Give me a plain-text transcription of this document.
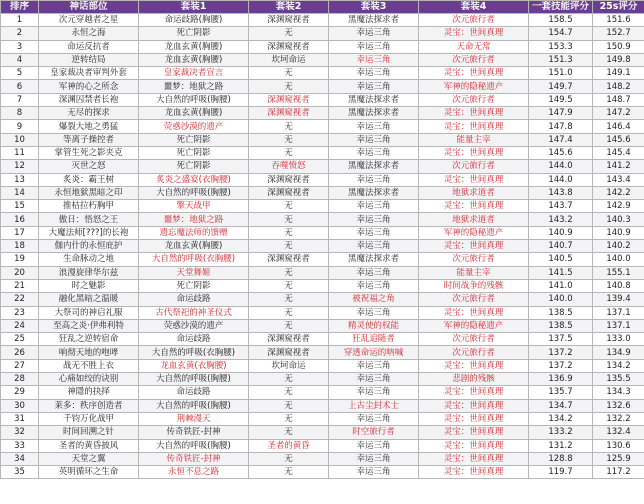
排序	神话部位	套装1	套装2	套装3	套装4	一套技能评分	25s评分
1	次元穿越者之星	命运歧路(胸腰)	深渊窥视者	黑魔法探求者	次元旅行者	158.5	151.6
2	永恒之海	死亡阴影	无	幸运三角	灵宝：世间真理	154.7	152.7
3	命运反抗者	龙血玄黄(胸腰)	深渊窥视者	幸运三角	天命无常	153.3	150.9
4	逆转结局	龙血玄黄(胸腰)	坎坷命运	幸运三角	次元旅行者	151.3	149.8
5	皇家裁决者审判外套	皇家裁决者宣言	无	幸运三角	灵宝：世间真理	151.0	149.1
6	军神的心之所念	噩梦：地狱之路	无	幸运三角	军神的隐秘遗产	149.7	148.2
7	深渊囚禁者长袍	大自然的呼吸(胸腰)	深渊窥视者	黑魔法探求者	次元旅行者	149.5	148.7
8	无尽的探求	龙血玄黄(胸腰)	深渊窥视者	黑魔法探求者	灵宝：世间真理	147.9	147.2
9	爆裂大地之勇猛	荧惑沙漠的遗产	无	幸运三角	灵宝：世间真理	147.8	146.4
10	等离子操控者	死亡阴影	无	幸运三角	能量主宰	147.4	145.6
11	掌管生死之影夹克	死亡阴影	无	幸运三角	灵宝：世间真理	145.6	145.4
12	灭世之怒	死亡阴影	吞噬愤怒	黑魔法探求者	次元旅行者	144.0	141.2
13	炙炎：霸王树	炙炎之盛宴(衣胸腰)	深渊窥视者	幸运三角	灵宝：世间真理	144.0	143.4
14	永恒地狱黑暗之印	大自然的呼吸(胸腰)	深渊窥视者	黑魔法探求者	地狱求道者	143.8	142.2
15	推枯拉朽胸甲	擎天战甲	无	幸运三角	灵宝：世间真理	143.7	142.9
16	傲日：悟怒之王	噩梦：地狱之路	无	幸运三角	地狱求道者	143.2	140.3
17	大魔法师[???]的长袍	遗忘魔法师的馈赠	无	幸运三角	军神的隐秘遗产	140.9	140.9
18	伽内什的永恒庇护	龙血玄黄(胸腰)	无	幸运三角	灵宝：世间真理	140.7	140.2
19	生命脉动之地	大自然的呼吸(衣胸腰)	深渊窥视者	黑魔法探求者	次元旅行者	140.5	140.0
20	浪漫旋律华尔兹	天堂舞姬	无	幸运三角	能量主宰	141.5	155.1
21	时之魅影	死亡阴影	无	幸运三角	时间战争的残骸	141.0	140.8
22	融化黑暗之温暖	命运歧路	无	被祝福之角	次元旅行者	140.0	139.4
23	大祭司的神启礼服	古代祭祀的神圣仪式	无	幸运三角	灵宝：世间真理	138.5	137.1
24	至高之炎·伊弗利特	荧惑沙漠的遗产	无	精灵使的权能	军神的隐秘遗产	138.5	137.1
25	狂乱之逆转宿命	命运歧路	深渊窥视者	狂乱追随者	次元旅行者	137.5	133.0
26	响彻天地的咆哮	大自然的呼吸(衣胸腰)	深渊窥视者	穿透命运的呐喊	次元旅行者	137.2	134.9
27	战无不胜上衣	龙血玄黄(衣胸腰)	坎坷命运	幸运三角	灵宝：世间真理	137.2	134.2
28	心痛如绞的诀别	大自然的呼吸(胸腰)	无	幸运三角	悲剧的残骸	136.9	135.5
29	神隱的抉择	命运歧路	无	幸运三角	灵宝：世间真理	135.7	134.3
30	莱多：秩序创造者	大自然的呼吸(胸腰)	无	上古尘封术士	灵宝：世间真理	134.7	132.6
31	千钧万化战甲	荆棘漫天	无	幸运三角	灵宝：世间真理	134.2	132.2
32	时间回溯之针	传奇铁匠-封神	无	时空旅行者	灵宝：世间真理	133.2	132.4
33	圣者的黄昏披风	大自然的呼吸(胸腰)	圣者的黄昏	幸运三角	灵宝：世间真理	131.2	130.6
34	天堂之翼	传奇铁匠-封神	无	幸运三角	灵宝：世间真理	128.8	125.9
35	英明循环之生命	永恒不息之路	无	幸运三角	灵宝：世间真理	119.7	117.2
